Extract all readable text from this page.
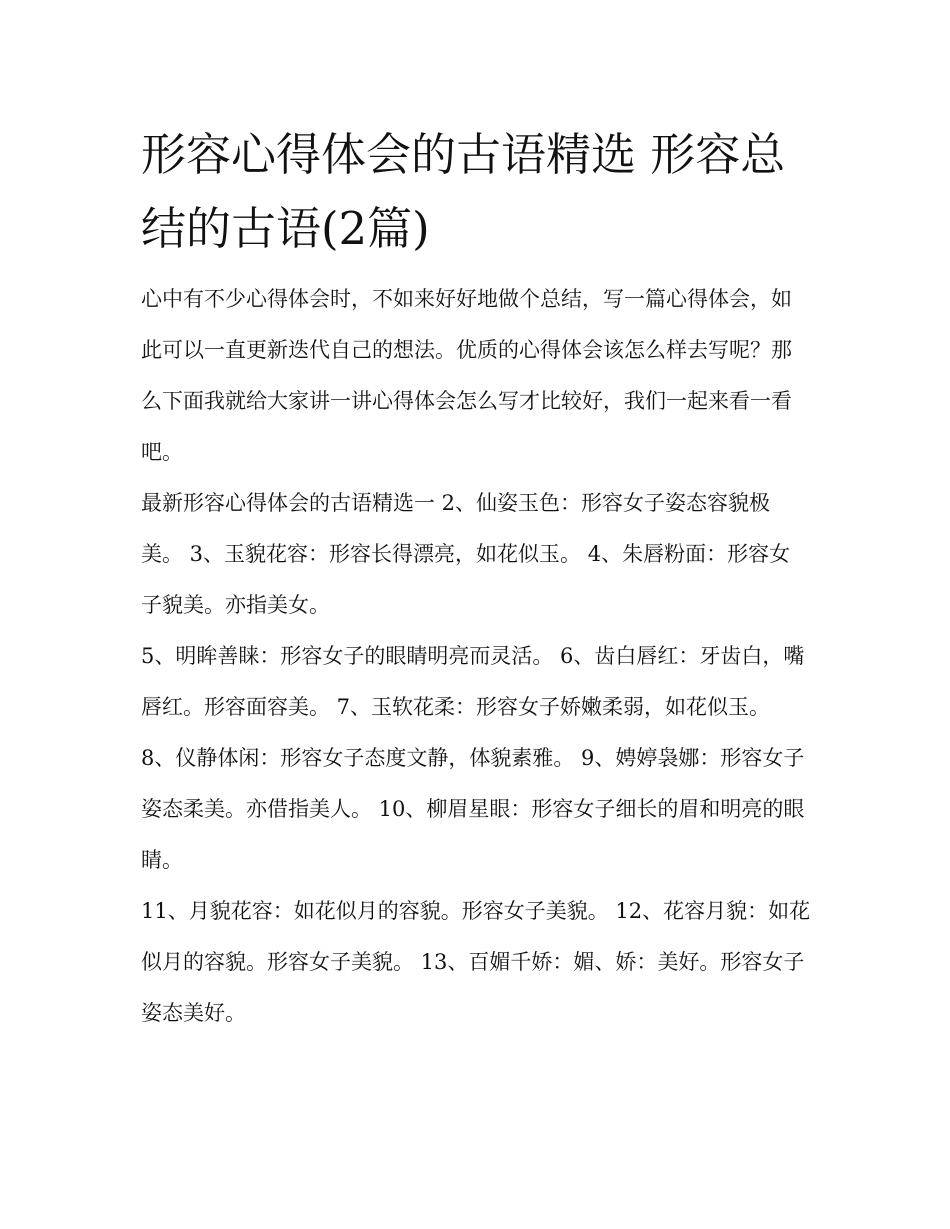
形容心得体会的古语精选 形容总结的古语(2篇)

心中有不少心得体会时，不如来好好地做个总结，写一篇心得体会，如此可以一直更新迭代自己的想法。优质的心得体会该怎么样去写呢？那么下面我就给大家讲一讲心得体会怎么写才比较好，我们一起来看一看吧。

最新形容心得体会的古语精选一 2、仙姿玉色：形容女子姿态容貌极美。 3、玉貌花容：形容长得漂亮，如花似玉。 4、朱唇粉面：形容女子貌美。亦指美女。

5、明眸善睐：形容女子的眼睛明亮而灵活。 6、齿白唇红：牙齿白，嘴唇红。形容面容美。 7、玉软花柔：形容女子娇嫩柔弱，如花似玉。

8、仪静体闲：形容女子态度文静，体貌素雅。 9、娉婷袅娜：形容女子姿态柔美。亦借指美人。 10、柳眉星眼：形容女子细长的眉和明亮的眼睛。

11、月貌花容：如花似月的容貌。形容女子美貌。 12、花容月貌：如花似月的容貌。形容女子美貌。 13、百媚千娇：媚、娇：美好。形容女子姿态美好。
